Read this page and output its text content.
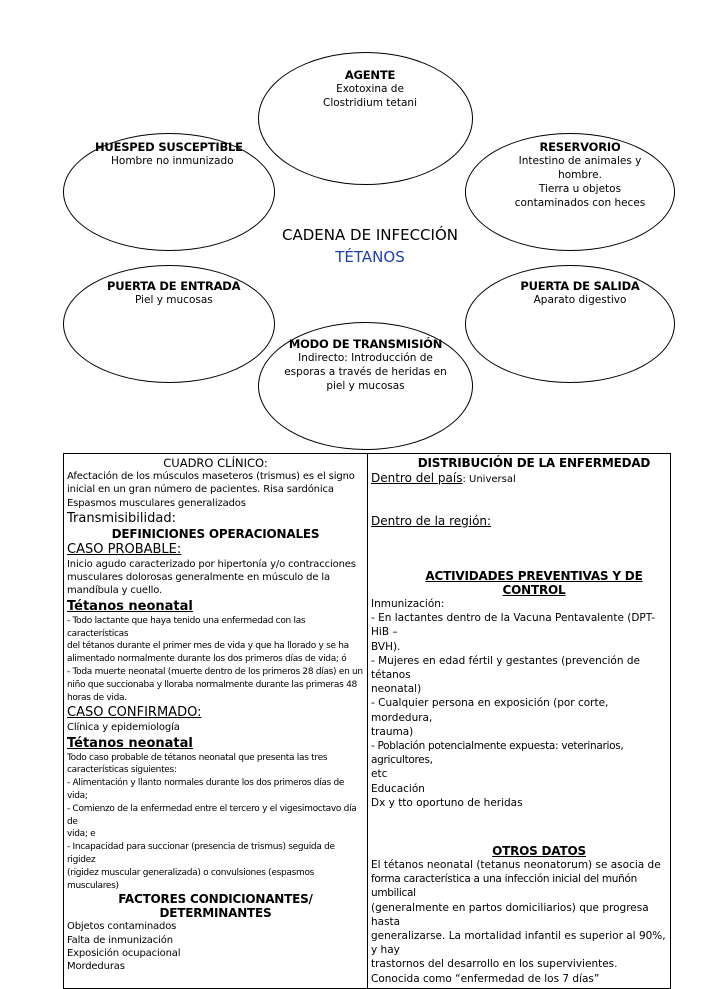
AGENTE
Exotoxina de
Clostridium tetani
HUESPED SUSCEPTIBLE
Hombre no inmunizado
RESERVORIO
Intestino de animales y
hombre.
Tierra u objetos
contaminados con heces
CADENA DE INFECCIÓN
TÉTANOS
PUERTA DE ENTRADA
Piel y mucosas
PUERTA DE SALIDA
Aparato digestivo
MODO DE TRANSMISIÓN
Indirecto: Introducción de
esporas a través de heridas en
piel y mucosas
CUADRO CLÍNICO:
Afectación de los músculos maseteros (trismus) es el signo
inicial en un gran número de pacientes. Risa sardónica
Espasmos musculares generalizados
Transmisibilidad:
DEFINICIONES OPERACIONALES
CASO PROBABLE:
Inicio agudo caracterizado por hipertonía y/o contracciones
musculares dolorosas generalmente en músculo de la
mandíbula y cuello.
Tétanos neonatal
- Todo lactante que haya tenido una enfermedad con las características
del tétanos durante el primer mes de vida y que ha llorado y se ha
alimentado normalmente durante los dos primeros días de vida; ó
- Toda muerte neonatal (muerte dentro de los primeros 28 días) en un
niño que succionaba y lloraba normalmente durante las primeras 48
horas de vida.
CASO CONFIRMADO:
Clínica y epidemiología
Tétanos neonatal
Todo caso probable de tétanos neonatal que presenta las tres
características siguientes:
- Alimentación y llanto normales durante los dos primeros días de vida;
- Comienzo de la enfermedad entre el tercero y el vigesimoctavo día de
vida; e
- Incapacidad para succionar (presencia de trismus) seguida de rigidez
(rigidez muscular generalizada) o convulsiones (espasmos musculares)
FACTORES CONDICIONANTES/ DETERMINANTES
Objetos contaminados
Falta de inmunización
Exposición ocupacional
Mordeduras

DISTRIBUCIÓN DE LA ENFERMEDAD
Dentro del país: Universal
Dentro de la región:
ACTIVIDADES PREVENTIVAS Y DE CONTROL
Inmunización:
- En lactantes dentro de la Vacuna Pentavalente (DPT- HiB –
BVH).
- Mujeres en edad fértil y gestantes (prevención de tétanos
neonatal)
- Cualquier persona en exposición (por corte, mordedura,
trauma)
- Población potencialmente expuesta: veterinarios, agricultores,
etc
Educación
Dx y tto oportuno de heridas
OTROS DATOS
El tétanos neonatal (tetanus neonatorum) se asocia de
forma característica a una infección inicial del muñón umbilical
(generalmente en partos domiciliarios) que progresa hasta
generalizarse. La mortalidad infantil es superior al 90%, y hay
trastornos del desarrollo en los supervivientes.
Conocida como “enfermedad de los 7 días”
